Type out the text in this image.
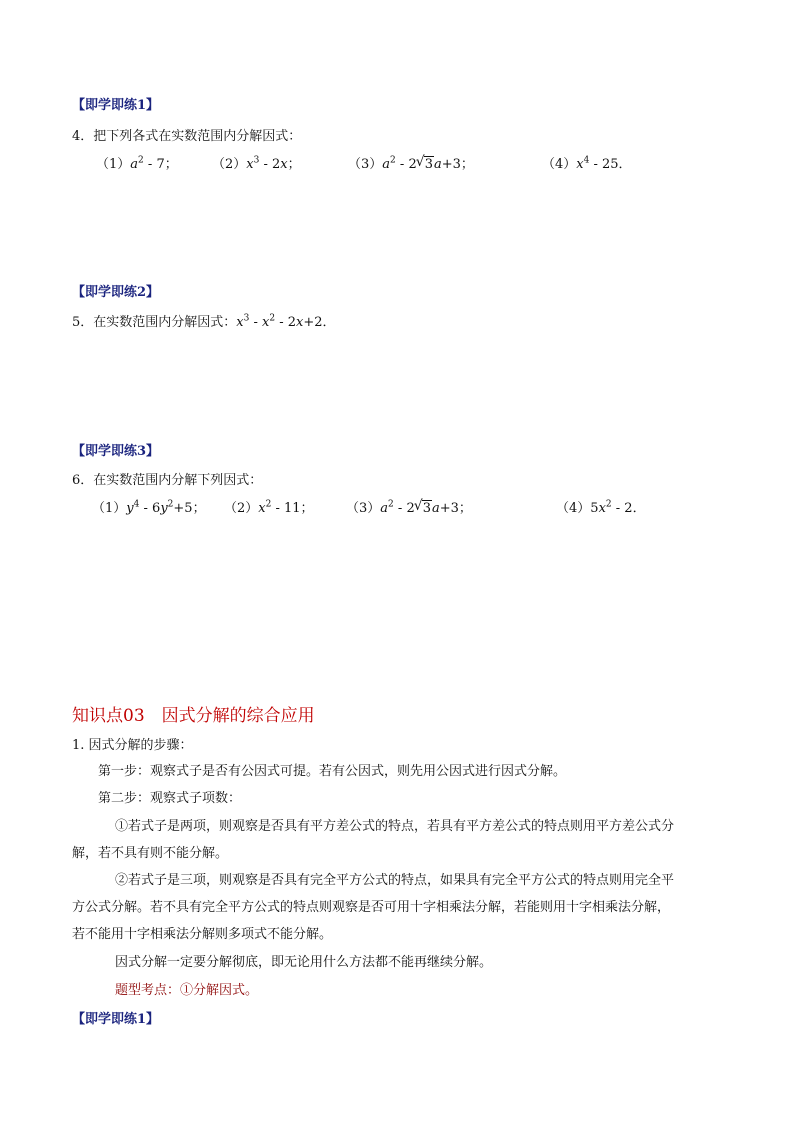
【即学即练1】
4．把下列各式在实数范围内分解因式：
$(1)a^2 - 7$；	$(2)x^3 - 2x$；	$(3)a^2 - 2√$ 3a+3；	$(4)x^4 - 25$．
【即学即练2】
5．在实数范围内分解因式：$x^3 - x^2 - 2x+2$．
【即学即练3】
6．在实数范围内分解下列因式：
$(1)y^4 - 6y^2+5$； $(2)x^2 - 11$； $(3)a^2 - 2√$ 3a+3；	$(4)5x^2 - 2$．
知识点03　因式分解的综合应用
1. 因式分解的步骤：
第一步：观察式子是否有公因式可提。若有公因式，则先用公因式进行因式分解。
第二步：观察式子项数：
①若式子是两项，则观察是否具有平方差公式的特点，若具有平方差公式的特点则用平方差公式分
解，若不具有则不能分解。
②若式子是三项，则观察是否具有完全平方公式的特点，如果具有完全平方公式的特点则用完全平
方公式分解。若不具有完全平方公式的特点则观察是否可用十字相乘法分解，若能则用十字相乘法分解，
若不能用十字相乘法分解则多项式不能分解。
因式分解一定要分解彻底，即无论用什么方法都不能再继续分解。
题型考点：①分解因式。
【即学即练1】
